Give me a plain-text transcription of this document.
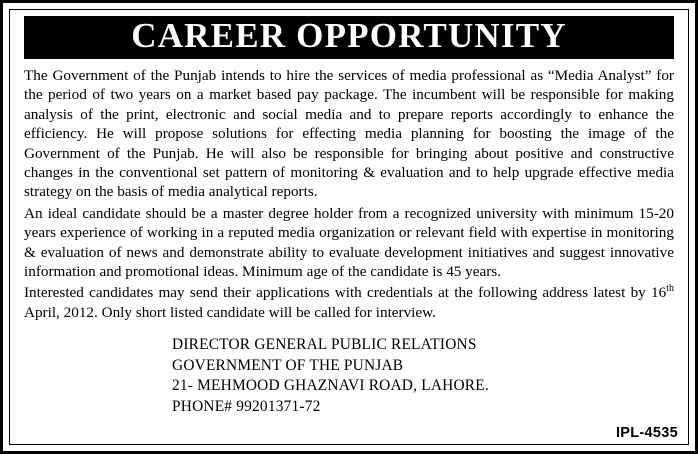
CAREER OPPORTUNITY

The Government of the Punjab intends to hire the services of media professional as “Media Analyst” for the period of two years on a market based pay package. The incumbent will be responsible for making analysis of the print, electronic and social media and to prepare reports accordingly to enhance the efficiency. He will propose solutions for effecting media planning for boosting the image of the Government of the Punjab. He will also be responsible for bringing about positive and constructive changes in the conventional set pattern of monitoring & evaluation and to help upgrade effective media strategy on the basis of media analytical reports.

An ideal candidate should be a master degree holder from a recognized university with minimum 15-20 years experience of working in a reputed media organization or relevant field with expertise in monitoring & evaluation of news and demonstrate ability to evaluate development initiatives and suggest innovative information and promotional ideas. Minimum age of the candidate is 45 years.

Interested candidates may send their applications with credentials at the following address latest by 16th April, 2012. Only short listed candidate will be called for interview.

DIRECTOR GENERAL PUBLIC RELATIONS
GOVERNMENT OF THE PUNJAB
21- MEHMOOD GHAZNAVI ROAD, LAHORE.
PHONE# 99201371-72
IPL-4535
